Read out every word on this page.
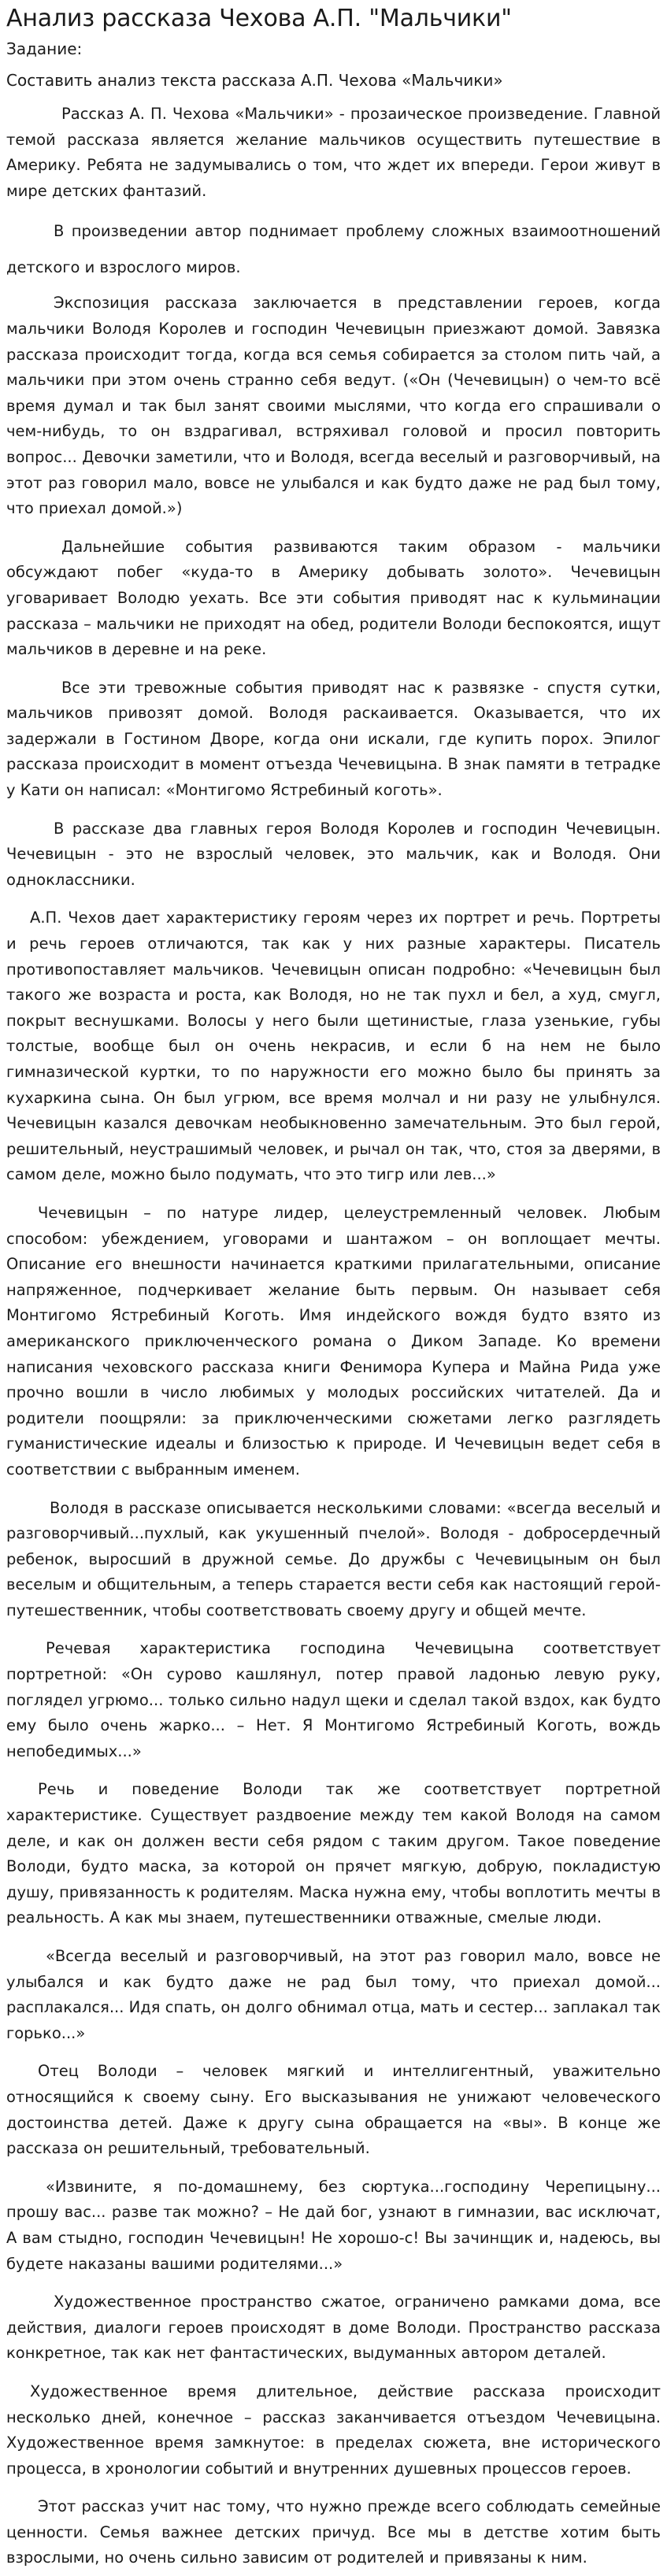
Анализ рассказа Чехова А.П. "Мальчики"
Задание:
Составить анализ текста рассказа А.П. Чехова «Мальчики»

Рассказ А. П. Чехова «Мальчики» - прозаическое произведение. Главной темой рассказа является желание мальчиков осуществить путешествие в Америку. Ребята не задумывались о том, что ждет их впереди. Герои живут в мире детских фантазий.

В произведении автор поднимает проблему сложных взаимоотношений детского и взрослого миров.

Экспозиция рассказа заключается в представлении героев, когда мальчики Володя Королев и господин Чечевицын приезжают домой. Завязка рассказа происходит тогда, когда вся семья собирается за столом пить чай, а мальчики при этом очень странно себя ведут. («Он (Чечевицын) о чем-то всё время думал и так был занят своими мыслями, что когда его спрашивали о чем-нибудь, то он вздрагивал, встряхивал головой и просил повторить вопрос... Девочки заметили, что и Володя, всегда веселый и разговорчивый, на этот раз говорил мало, вовсе не улыбался и как будто даже не рад был тому, что приехал домой.»)

Дальнейшие события развиваются таким образом - мальчики обсуждают побег «куда-то в Америку добывать золото». Чечевицын уговаривает Володю уехать. Все эти события приводят нас к кульминации рассказа – мальчики не приходят на обед, родители Володи беспокоятся, ищут мальчиков в деревне и на реке.

Все эти тревожные события приводят нас к развязке - спустя сутки, мальчиков привозят домой. Володя раскаивается. Оказывается, что их задержали в Гостином Дворе, когда они искали, где купить порох. Эпилог рассказа происходит в момент отъезда Чечевицына. В знак памяти в тетрадке у Кати он написал: «Монтигомо Ястребиный коготь».

В рассказе два главных героя Володя Королев и господин Чечевицын. Чечевицын - это не взрослый человек, это мальчик, как и Володя. Они одноклассники.

А.П. Чехов дает характеристику героям через их портрет и речь. Портреты и речь героев отличаются, так как у них разные характеры. Писатель противопоставляет мальчиков. Чечевицын описан подробно: «Чечевицын был такого же возраста и роста, как Володя, но не так пухл и бел, а худ, смугл, покрыт веснушками. Волосы у него были щетинистые, глаза узенькие, губы толстые, вообще был он очень некрасив, и если б на нем не было гимназической куртки, то по наружности его можно было бы принять за кухаркина сына. Он был угрюм, все время молчал и ни разу не улыбнулся. Чечевицын казался девочкам необыкновенно замечательным. Это был герой, решительный, неустрашимый человек, и рычал он так, что, стоя за дверями, в самом деле, можно было подумать, что это тигр или лев...»

Чечевицын – по натуре лидер, целеустремленный человек. Любым способом: убеждением, уговорами и шантажом – он воплощает мечты. Описание его внешности начинается краткими прилагательными, описание напряженное, подчеркивает желание быть первым. Он называет себя Монтигомо Ястребиный Коготь. Имя индейского вождя будто взято из американского приключенческого романа о Диком Западе. Ко времени написания чеховского рассказа книги Фенимора Купера и Майна Рида уже прочно вошли в число любимых у молодых российских читателей. Да и родители поощряли: за приключенческими сюжетами легко разглядеть гуманистические идеалы и близостью к природе. И Чечевицын ведет себя в соответствии с выбранным именем.

Володя в рассказе описывается несколькими словами: «всегда веселый и разговорчивый...пухлый, как укушенный пчелой». Володя - добросердечный ребенок, выросший в дружной семье. До дружбы с Чечевицыным он был веселым и общительным, а теперь старается вести себя как настоящий герой-путешественник, чтобы соответствовать своему другу и общей мечте.

Речевая характеристика господина Чечевицына соответствует портретной: «Он сурово кашлянул, потер правой ладонью левую руку, поглядел угрюмо... только сильно надул щеки и сделал такой вздох, как будто ему было очень жарко... – Нет. Я Монтигомо Ястребиный Коготь, вождь непобедимых...»

Речь и поведение Володи так же соответствует портретной характеристике. Существует раздвоение между тем какой Володя на самом деле, и как он должен вести себя рядом с таким другом. Такое поведение Володи, будто маска, за которой он прячет мягкую, добрую, покладистую душу, привязанность к родителям. Маска нужна ему, чтобы воплотить мечты в реальность. А как мы знаем, путешественники отважные, смелые люди.

«Всегда веселый и разговорчивый, на этот раз говорил мало, вовсе не улыбался и как будто даже не рад был тому, что приехал домой... расплакался... Идя спать, он долго обнимал отца, мать и сестер... заплакал так горько...»

Отец Володи – человек мягкий и интеллигентный, уважительно относящийся к своему сыну. Его высказывания не унижают человеческого достоинства детей. Даже к другу сына обращается на «вы». В конце же рассказа он решительный, требовательный.

«Извините, я по-домашнему, без сюртука...господину Черепицыну... прошу вас... разве так можно? – Не дай бог, узнают в гимназии, вас исключат, А вам стыдно, господин Чечевицын! Не хорошо-с! Вы зачинщик и, надеюсь, вы будете наказаны вашими родителями...»

Художественное пространство сжатое, ограничено рамками дома, все действия, диалоги героев происходят в доме Володи. Пространство рассказа конкретное, так как нет фантастических, выдуманных автором деталей.

Художественное время длительное, действие рассказа происходит несколько дней, конечное – рассказ заканчивается отъездом Чечевицына. Художественное время замкнутое: в пределах сюжета, вне исторического процесса, в хронологии событий и внутренних душевных процессов героев.

Этот рассказ учит нас тому, что нужно прежде всего соблюдать семейные ценности. Семья важнее детских причуд. Все мы в детстве хотим быть взрослыми, но очень сильно зависим от родителей и привязаны к ним.
